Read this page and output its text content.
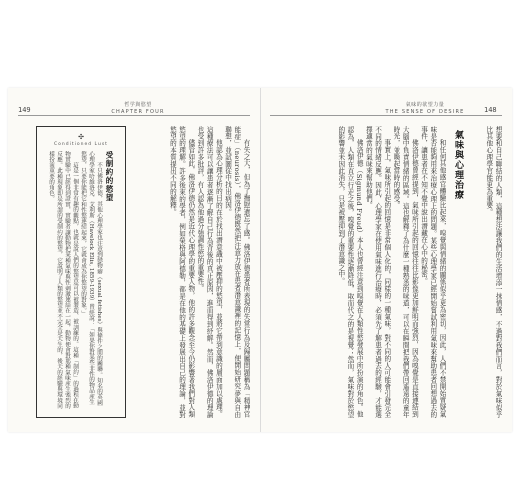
149
哲学與慾望
CHAPTER FOUR
✣
Conditioned Lust
受制約的慾望

不只佛洛伊德，其他心理學家也注意到戀物癖（sexual fetishes）與條件之間的關聯。知名的英國心理學家哈維洛克．艾利斯（Havelock Ellis, 1859-1939）曾經說：「如果你對某些非性的物品產生慾望，只要你能把它和性慾連結起來，它就會成為你慾望的對象。」

這是一個非常有趣的觀點，也就是說人們的慾望是可以被製造、被訓練的。這種「制約」的過程在動物實驗中已經得到證實，實驗者讓動物把某種氣味與性刺激連結在一起，動物便會對那種氣味產生強烈的反應。此種現象即是所謂的受制約的慾望，它說明了人類的慾望並不完全是天生的，後天的經驗與環境同樣扮演重要的角色。	有失之大，但為了撫慰遺忘了感。佛洛伊德患者所表現的失常行為及歸屬問題稱為「精神官能症」（neurosis），佛洛伊德既然把注意力放在患者潛意識裡的記憶上，便開始研究夢與自由聯想，並試圖從中找出病因。

他認為心理分析的目的在於找出潛意識中被壓抑的慾望，並將它帶到意識的層面加以處理。這種療法可以讓患者逐漸了解自己行為背後的真正原因，進而得到紓解。然而，佛洛伊德的理論也受到許多批評，有人認為他過分強調性慾的重要性。

儘管如此，佛洛伊德仍然是近代心理學的重要人物，他的許多觀念至今仍影響著我們對人類慾望的理解。許多後來的學者，例如榮格與阿德勒，都是在他的基礎上發展出自己的理論，並對慾望的本質提出不同的解釋。

氣味的欲望力量
THE SENSE OF DESIRE	148

想要和自己聯結的人類，這種想法讓我們的生活增添一抹情感，不過對我們而言，對於氣味似乎比其他心理學官能更為重要。

氣味與心理治療

和任何其他感官體驗比起來，嗅覺與情緒的關係似乎更為密切，因此，人們不禁開始質疑氣味是否能夠用來治療心理上的問題。某些心理學家已經開始嘗試利用氣味來幫助患者回想過去的事件，讓患者在不知不覺中說出潛藏在心中的秘密。

佛洛伊德曾經提到，氣味所引起的回憶往往比影像更加鮮明而強烈，因為嗅覺是直接連結到大腦中負責情緒的區域。這也解釋了為什麼一種熟悉的味道，可以在瞬間把我們帶回遙遠的童年時光，並喚起當時的感受。

事實上，氣味所引起的回憶是非常個人化的，同樣的一種氣味，對不同的人可能會引發完全不同的情緒反應。因此，心理學家在使用氣味進行治療時，必須先了解患者過去的經驗，才能選擇適當的氣味來幫助他們。

佛洛伊德（Sigmund Freud）本人也曾經注意到嗅覺在人類性慾發展中所扮演的角色。他認為，人類在直立行走之後，嗅覺的重要性逐漸降低，取而代之的是視覺；然而，氣味對於慾望的影響並未因此消失，只是被壓抑到了潛意識之中。
